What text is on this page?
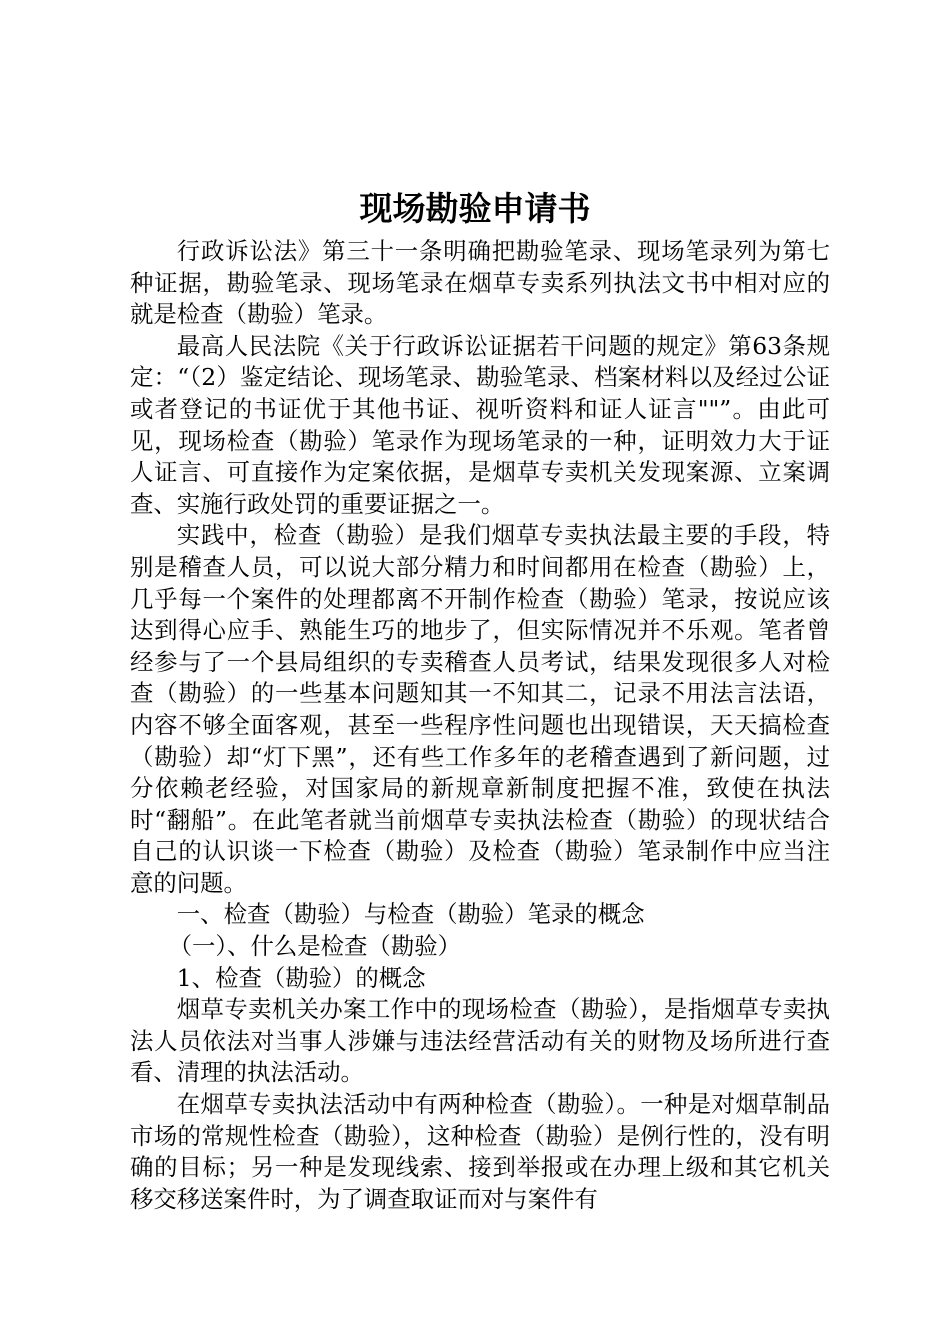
现场勘验申请书

行政诉讼法》第三十一条明确把勘验笔录、现场笔录列为第七种证据，勘验笔录、现场笔录在烟草专卖系列执法文书中相对应的就是检查（勘验）笔录。

最高人民法院《关于行政诉讼证据若干问题的规定》第63条规定：“（2）鉴定结论、现场笔录、勘验笔录、档案材料以及经过公证或者登记的书证优于其他书证、视听资料和证人证言""”。由此可见，现场检查（勘验）笔录作为现场笔录的一种，证明效力大于证人证言、可直接作为定案依据，是烟草专卖机关发现案源、立案调查、实施行政处罚的重要证据之一。

实践中，检查（勘验）是我们烟草专卖执法最主要的手段，特别是稽查人员，可以说大部分精力和时间都用在检查（勘验）上，几乎每一个案件的处理都离不开制作检查（勘验）笔录，按说应该达到得心应手、熟能生巧的地步了，但实际情况并不乐观。笔者曾经参与了一个县局组织的专卖稽查人员考试，结果发现很多人对检查（勘验）的一些基本问题知其一不知其二，记录不用法言法语，内容不够全面客观，甚至一些程序性问题也出现错误，天天搞检查（勘验）却“灯下黑”，还有些工作多年的老稽查遇到了新问题，过分依赖老经验，对国家局的新规章新制度把握不准，致使在执法时“翻船”。在此笔者就当前烟草专卖执法检查（勘验）的现状结合自己的认识谈一下检查（勘验）及检查（勘验）笔录制作中应当注意的问题。

一、检查（勘验）与检查（勘验）笔录的概念

（一）、什么是检查（勘验）

1、检查（勘验）的概念

烟草专卖机关办案工作中的现场检查（勘验），是指烟草专卖执法人员依法对当事人涉嫌与违法经营活动有关的财物及场所进行查看、清理的执法活动。

在烟草专卖执法活动中有两种检查（勘验）。一种是对烟草制品市场的常规性检查（勘验），这种检查（勘验）是例行性的，没有明确的目标；另一种是发现线索、接到举报或在办理上级和其它机关移交移送案件时，为了调查取证而对与案件有
